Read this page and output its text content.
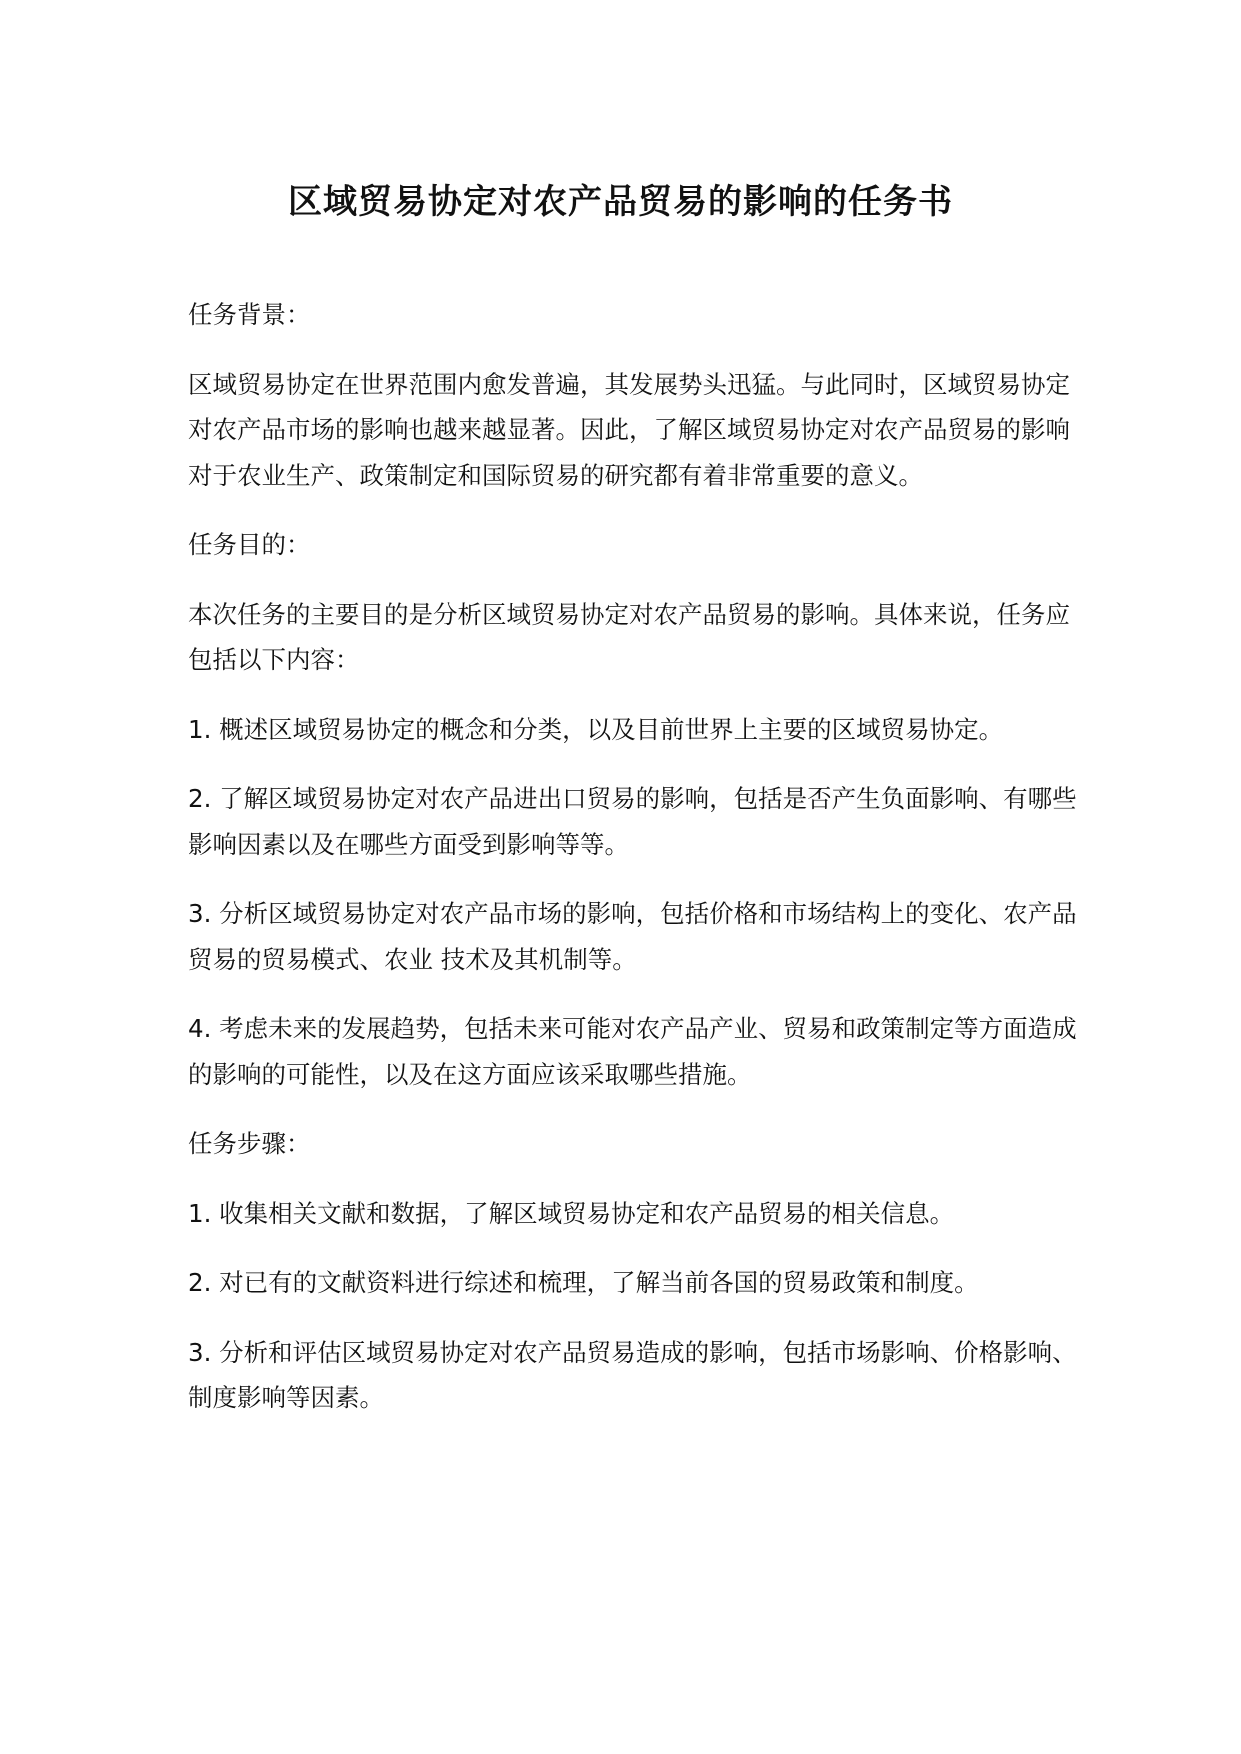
区域贸易协定对农产品贸易的影响的任务书

任务背景：

区域贸易协定在世界范围内愈发普遍，其发展势头迅猛。与此同时，区域贸易协定对农产品市场的影响也越来越显著。因此，了解区域贸易协定对农产品贸易的影响对于农业生产、政策制定和国际贸易的研究都有着非常重要的意义。

任务目的：

本次任务的主要目的是分析区域贸易协定对农产品贸易的影响。具体来说，任务应包括以下内容：

1. 概述区域贸易协定的概念和分类，以及目前世界上主要的区域贸易协定。

2. 了解区域贸易协定对农产品进出口贸易的影响，包括是否产生负面影响、有哪些影响因素以及在哪些方面受到影响等等。

3. 分析区域贸易协定对农产品市场的影响，包括价格和市场结构上的变化、农产品贸易的贸易模式、农业 技术及其机制等。

4. 考虑未来的发展趋势，包括未来可能对农产品产业、贸易和政策制定等方面造成的影响的可能性，以及在这方面应该采取哪些措施。

任务步骤：

1. 收集相关文献和数据，了解区域贸易协定和农产品贸易的相关信息。

2. 对已有的文献资料进行综述和梳理，了解当前各国的贸易政策和制度。

3. 分析和评估区域贸易协定对农产品贸易造成的影响，包括市场影响、价格影响、制度影响等因素。
